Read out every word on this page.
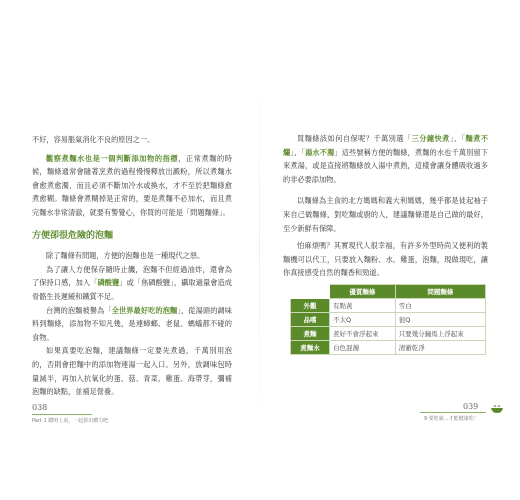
不好，容易脹氣消化不良的原因之一。

觀察煮麵水也是一個判斷添加物的指標，正常煮麵的時候，麵條通常會隨著烹煮的過程慢慢釋放出澱粉，所以煮麵水會愈煮愈濁，而且必須不斷加冷水或換水，才不至於把麵條愈煮愈糊。麵條會煮糊掉是正常的，要是煮麵不必加水，而且煮完麵水非常清澈，就要有警覺心，你買的可能是「問題麵條」。

方便卻很危險的泡麵

除了麵條有問題，方便的泡麵也是一種現代之惡。

為了讓人方便保存隨時止饑，泡麵不但經過油炸，還會為了保持口感，加入「磷酸鹽」或「焦磷酸鹽」，攝取過量會造成骨骼生長遲緩和鐵質不足。

台灣的泡麵被譽為「全世界最好吃的泡麵」，從湯頭的調味料到麵條，添加物不知凡幾，是連蟑螂、老鼠、螞蟻都不碰的食物。

如果真要吃泡麵，建議麵條一定要先煮過，千萬別用泡的，否則會把麵中的添加物連湯一起入口。另外，放調味包時量減半，再加入抗氧化的蛋、菇、青菜、雞蛋、海帶芽，彌補泡麵的缺點，並補足營養。

038
Part 1 聰明上桌，一起拼出體力吧

買麵條該如何自保呢？千萬別選「三分鐘快煮」、「麵煮不爛」、「湯水不濁」這些號稱方便的麵條，煮麵的水也千萬別留下來煮湯，或是直接將麵條放入湯中煮熟，這樣會讓身體吸收過多的非必要添加物。

以麵條為主食的北方媽媽和義大利媽媽，幾乎都是徒起袖子來自己做麵條，對吃麵或廚的人，建議麵條還是自己做的最好，至少新鮮有保障。

怕麻煩嗎？其實現代人很幸福，有許多外型時尚又便利的製麵機可以代工，只要放入麵粉、水、雞蛋，泡麵，現做現吃，讓你真接感受自然的麵香和勁道。

	優質麵條	問題麵條
外觀	有點黃	雪白
品嚐	不太Q	很Q
煮麵	煮好不會浮起來	只要幾分鐘馬上浮起來
煮麵水	白色混濁	清澈乾淨
039
9 要吃就…才能健康吃！
